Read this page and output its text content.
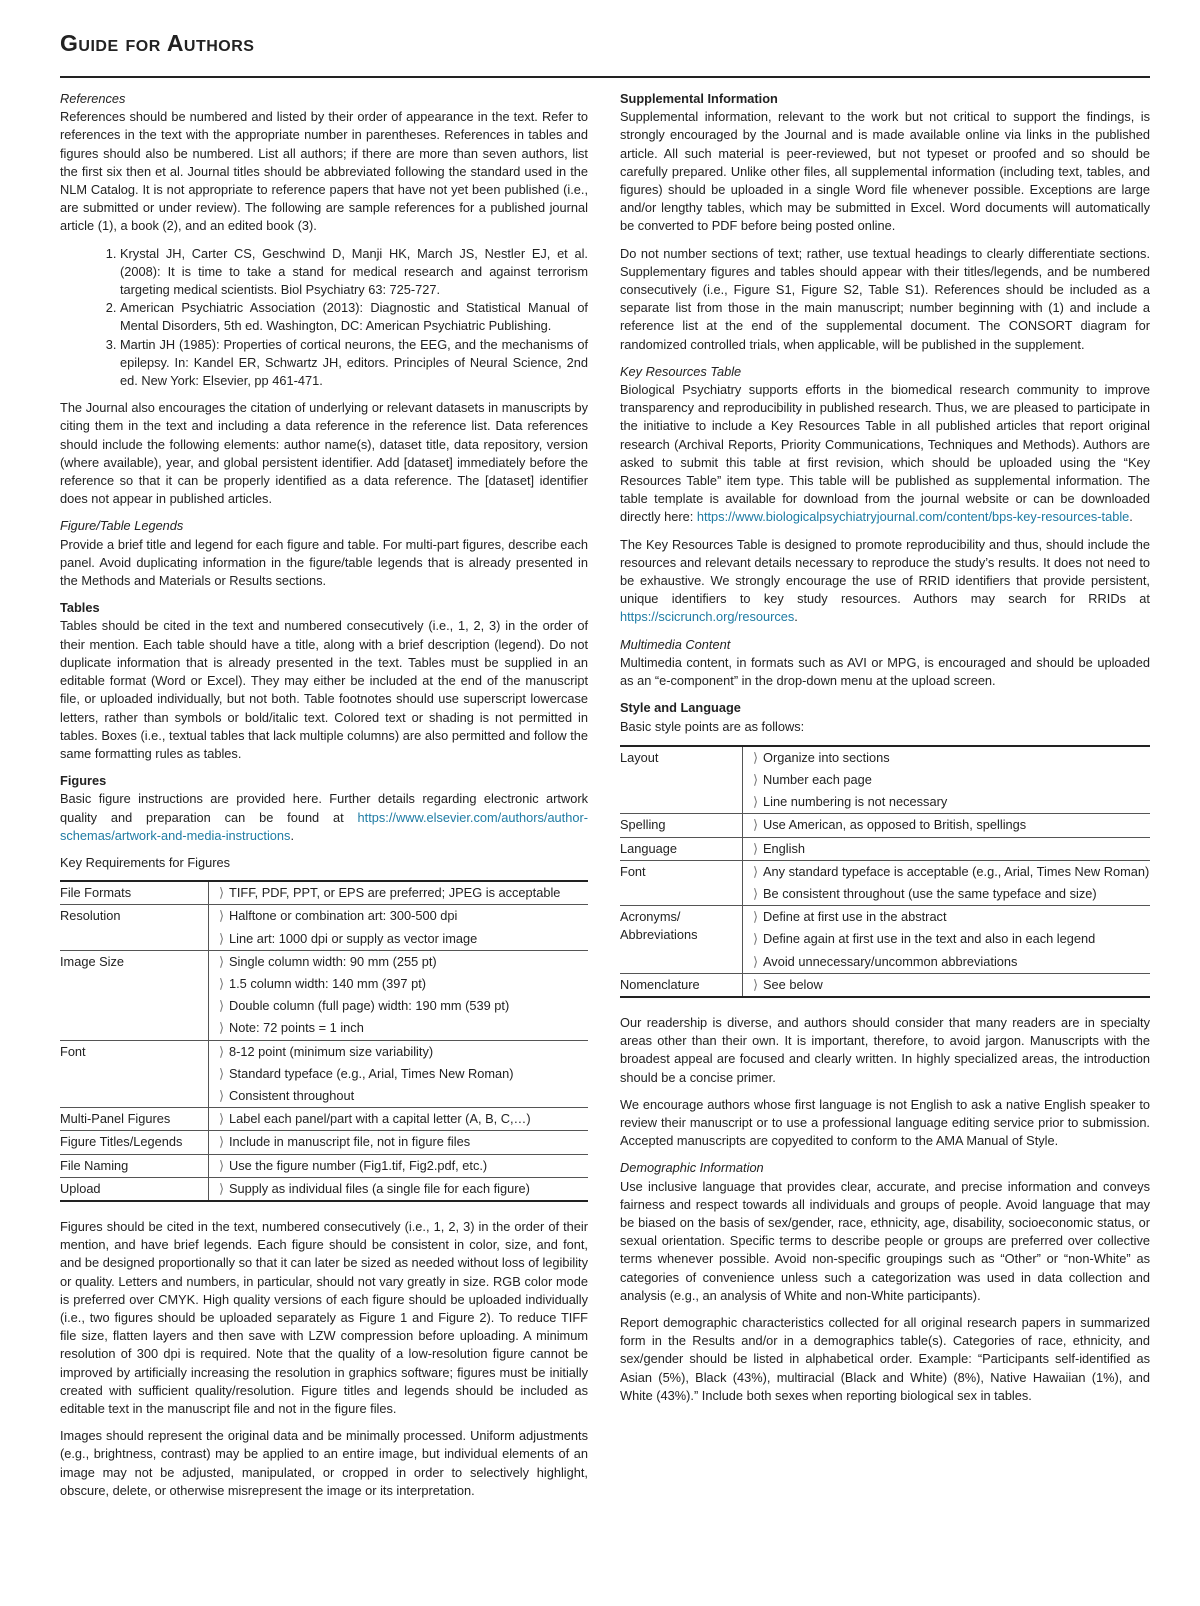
Guide for Authors

References

References should be numbered and listed by their order of appearance in the text. Refer to references in the text with the appropriate number in parentheses. References in tables and figures should also be numbered. List all authors; if there are more than seven authors, list the first six then et al. Journal titles should be abbreviated following the standard used in the NLM Catalog. It is not appropriate to reference papers that have not yet been published (i.e., are submitted or under review). The following are sample references for a published journal article (1), a book (2), and an edited book (3).

1. Krystal JH, Carter CS, Geschwind D, Manji HK, March JS, Nestler EJ, et al. (2008): It is time to take a stand for medical research and against terrorism targeting medical scientists. Biol Psychiatry 63: 725-727.
2. American Psychiatric Association (2013): Diagnostic and Statistical Manual of Mental Disorders, 5th ed. Washington, DC: American Psychiatric Publishing.
3. Martin JH (1985): Properties of cortical neurons, the EEG, and the mechanisms of epilepsy. In: Kandel ER, Schwartz JH, editors. Principles of Neural Science, 2nd ed. New York: Elsevier, pp 461-471.

The Journal also encourages the citation of underlying or relevant datasets in manuscripts by citing them in the text and including a data reference in the reference list. Data references should include the following elements: author name(s), dataset title, data repository, version (where available), year, and global persistent identifier. Add [dataset] immediately before the reference so that it can be properly identified as a data reference. The [dataset] identifier does not appear in published articles.

Figure/Table Legends

Provide a brief title and legend for each figure and table. For multi-part figures, describe each panel. Avoid duplicating information in the figure/table legends that is already presented in the Methods and Materials or Results sections.

Tables

Tables should be cited in the text and numbered consecutively (i.e., 1, 2, 3) in the order of their mention. Each table should have a title, along with a brief description (legend). Do not duplicate information that is already presented in the text. Tables must be supplied in an editable format (Word or Excel). They may either be included at the end of the manuscript file, or uploaded individually, but not both. Table footnotes should use superscript lowercase letters, rather than symbols or bold/italic text. Colored text or shading is not permitted in tables. Boxes (i.e., textual tables that lack multiple columns) are also permitted and follow the same formatting rules as tables.

Figures

Basic figure instructions are provided here. Further details regarding electronic artwork quality and preparation can be found at https://www.elsevier.com/authors/author-schemas/artwork-and-media-instructions.

Key Requirements for Figures

File Formats	⟩ TIFF, PDF, PPT, or EPS are preferred; JPEG is acceptable

Resolution	⟩ Halftone or combination art: 300-500 dpi

	⟩ Line art: 1000 dpi or supply as vector image

Image Size	⟩ Single column width: 90 mm (255 pt)

	⟩ 1.5 column width: 140 mm (397 pt)

	⟩ Double column (full page) width: 190 mm (539 pt)

	⟩ Note: 72 points = 1 inch

Font	⟩ 8-12 point (minimum size variability)

	⟩ Standard typeface (e.g., Arial, Times New Roman)

	⟩ Consistent throughout

Multi-Panel Figures	⟩ Label each panel/part with a capital letter (A, B, C,…)

Figure Titles/Legends	⟩ Include in manuscript file, not in figure files

File Naming	⟩ Use the figure number (Fig1.tif, Fig2.pdf, etc.)

Upload	⟩ Supply as individual files (a single file for each figure)

Figures should be cited in the text, numbered consecutively (i.e., 1, 2, 3) in the order of their mention, and have brief legends. Each figure should be consistent in color, size, and font, and be designed proportionally so that it can later be sized as needed without loss of legibility or quality. Letters and numbers, in particular, should not vary greatly in size. RGB color mode is preferred over CMYK. High quality versions of each figure should be uploaded individually (i.e., two figures should be uploaded separately as Figure 1 and Figure 2). To reduce TIFF file size, flatten layers and then save with LZW compression before uploading. A minimum resolution of 300 dpi is required. Note that the quality of a low-resolution figure cannot be improved by artificially increasing the resolution in graphics software; figures must be initially created with sufficient quality/resolution. Figure titles and legends should be included as editable text in the manuscript file and not in the figure files.

Images should represent the original data and be minimally processed. Uniform adjustments (e.g., brightness, contrast) may be applied to an entire image, but individual elements of an image may not be adjusted, manipulated, or cropped in order to selectively highlight, obscure, delete, or otherwise misrepresent the image or its interpretation.

Supplemental Information

Supplemental information, relevant to the work but not critical to support the findings, is strongly encouraged by the Journal and is made available online via links in the published article. All such material is peer-reviewed, but not typeset or proofed and so should be carefully prepared. Unlike other files, all supplemental information (including text, tables, and figures) should be uploaded in a single Word file whenever possible. Exceptions are large and/or lengthy tables, which may be submitted in Excel. Word documents will automatically be converted to PDF before being posted online.

Do not number sections of text; rather, use textual headings to clearly differentiate sections. Supplementary figures and tables should appear with their titles/legends, and be numbered consecutively (i.e., Figure S1, Figure S2, Table S1). References should be included as a separate list from those in the main manuscript; number beginning with (1) and include a reference list at the end of the supplemental document. The CONSORT diagram for randomized controlled trials, when applicable, will be published in the supplement.

Key Resources Table

Biological Psychiatry supports efforts in the biomedical research community to improve transparency and reproducibility in published research. Thus, we are pleased to participate in the initiative to include a Key Resources Table in all published articles that report original research (Archival Reports, Priority Communications, Techniques and Methods). Authors are asked to submit this table at first revision, which should be uploaded using the “Key Resources Table” item type. This table will be published as supplemental information. The table template is available for download from the journal website or can be downloaded directly here: https://www.biologicalpsychiatryjournal.com/content/bps-key-resources-table.

The Key Resources Table is designed to promote reproducibility and thus, should include the resources and relevant details necessary to reproduce the study’s results. It does not need to be exhaustive. We strongly encourage the use of RRID identifiers that provide persistent, unique identifiers to key study resources. Authors may search for RRIDs at https://scicrunch.org/resources.

Multimedia Content

Multimedia content, in formats such as AVI or MPG, is encouraged and should be uploaded as an “e-component” in the drop-down menu at the upload screen.

Style and Language

Basic style points are as follows:

Layout	⟩ Organize into sections

	⟩ Number each page

	⟩ Line numbering is not necessary

Spelling	⟩ Use American, as opposed to British, spellings

Language	⟩ English

Font	⟩ Any standard typeface is acceptable (e.g., Arial, Times New Roman)

	⟩ Be consistent throughout (use the same typeface and size)

Acronyms/ Abbreviations	⟩ Define at first use in the abstract

	⟩ Define again at first use in the text and also in each legend

	⟩ Avoid unnecessary/uncommon abbreviations

Nomenclature	⟩ See below

Our readership is diverse, and authors should consider that many readers are in specialty areas other than their own. It is important, therefore, to avoid jargon. Manuscripts with the broadest appeal are focused and clearly written. In highly specialized areas, the introduction should be a concise primer.

We encourage authors whose first language is not English to ask a native English speaker to review their manuscript or to use a professional language editing service prior to submission. Accepted manuscripts are copyedited to conform to the AMA Manual of Style.

Demographic Information

Use inclusive language that provides clear, accurate, and precise information and conveys fairness and respect towards all individuals and groups of people. Avoid language that may be biased on the basis of sex/gender, race, ethnicity, age, disability, socioeconomic status, or sexual orientation. Specific terms to describe people or groups are preferred over collective terms whenever possible. Avoid non-specific groupings such as “Other” or “non-White” as categories of convenience unless such a categorization was used in data collection and analysis (e.g., an analysis of White and non-White participants).

Report demographic characteristics collected for all original research papers in summarized form in the Results and/or in a demographics table(s). Categories of race, ethnicity, and sex/gender should be listed in alphabetical order. Example: “Participants self-identified as Asian (5%), Black (43%), multiracial (Black and White) (8%), Native Hawaiian (1%), and White (43%).” Include both sexes when reporting biological sex in tables.
